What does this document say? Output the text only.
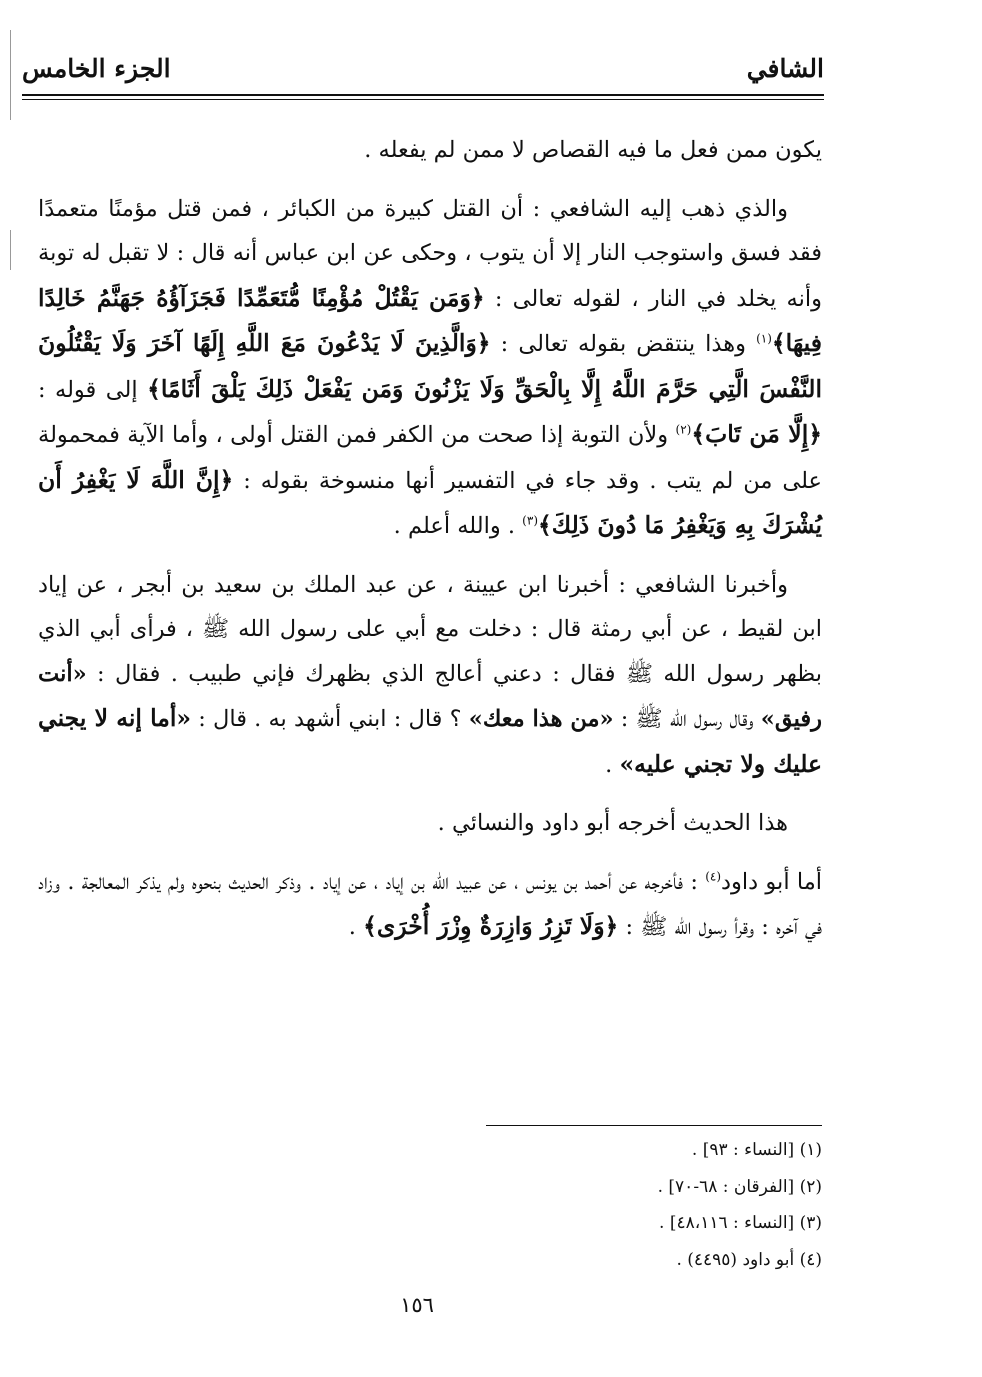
الشافي
الجزء الخامس

يكون ممن فعل ما فيه القصاص لا ممن لم يفعله .

والذي ذهب إليه الشافعي : أن القتل كبيرة من الكبائر ، فمن قتل مؤمنًا متعمدًا فقد فسق واستوجب النار إلا أن يتوب ، وحكى عن ابن عباس أنه قال : لا تقبل له توبة وأنه يخلد في النار ، لقوله تعالى : ﴿وَمَن يَقْتُلْ مُؤْمِنًا مُّتَعَمِّدًا فَجَزَآؤُهُ جَهَنَّمُ خَالِدًا فِيهَا﴾$^{(١)}$ وهذا ينتقض بقوله تعالى : ﴿وَالَّذِينَ لَا يَدْعُونَ مَعَ اللَّهِ إِلَهًا آخَرَ وَلَا يَقْتُلُونَ النَّفْسَ الَّتِي حَرَّمَ اللَّهُ إِلَّا بِالْحَقِّ وَلَا يَزْنُونَ وَمَن يَفْعَلْ ذَلِكَ يَلْقَ أَثَامًا﴾ إلى قوله : ﴿إِلَّا مَن تَابَ﴾$^{(٢)}$ ولأن التوبة إذا صحت من الكفر فمن القتل أولى ، وأما الآية فمحمولة على من لم يتب . وقد جاء في التفسير أنها منسوخة بقوله : ﴿إِنَّ اللَّهَ لَا يَغْفِرُ أَن يُشْرَكَ بِهِ وَيَغْفِرُ مَا دُونَ ذَلِكَ﴾$^{(٣)}$ . والله أعلم .

وأخبرنا الشافعي : أخبرنا ابن عيينة ، عن عبد الملك بن سعيد بن أبجر ، عن إياد ابن لقيط ، عن أبي رمثة قال : دخلت مع أبي على رسول الله ﷺ ، فرأى أبي الذي بظهر رسول الله ﷺ فقال : دعني أعالج الذي بظهرك فإني طبيب . فقال : «أنت رفيق» وقال رسول الله ﷺ : «من هذا معك» ؟ قال : ابني أشهد به . قال : «أما إنه لا يجني عليك ولا تجني عليه» .

هذا الحديث أخرجه أبو داود والنسائي .

أما أبو داود$^{(٤)}$ : فأخرجه عن أحمد بن يونس ، عن عبيد الله بن إياد ، عن إياد . وذكر الحديث بنحوه ولم يذكر المعالجة . وزاد في آخره : وقرأ رسول الله ﷺ : ﴿وَلَا تَزِرُ وَازِرَةٌ وِزْرَ أُخْرَى﴾ .

(١) [النساء : ٩٣] .

(٢) [الفرقان : ٦٨-٧٠] .

(٣) [النساء : ٤٨،١١٦] .

(٤) أبو داود (٤٤٩٥) .

١٥٦
